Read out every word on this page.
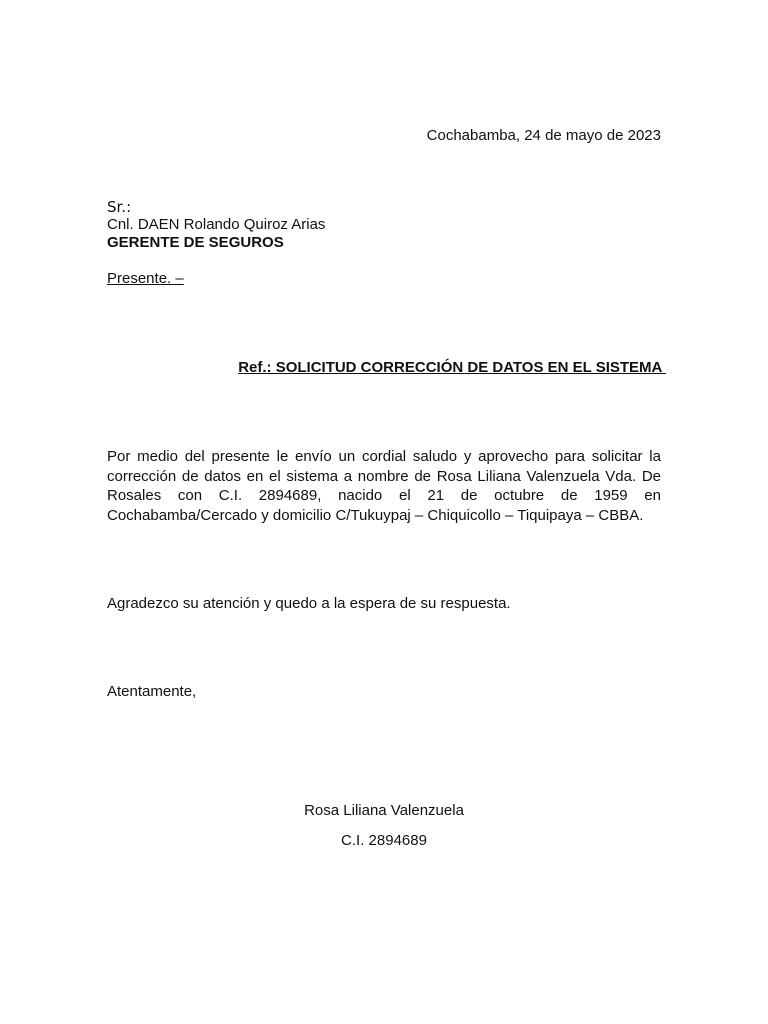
Cochabamba, 24 de mayo de 2023
Sr.:
Cnl. DAEN Rolando Quiroz Arias
GERENTE DE SEGUROS
Presente. –
Ref.: SOLICITUD CORRECCIÓN DE DATOS EN EL SISTEMA
Por medio del presente le envío un cordial saludo y aprovecho para solicitar la corrección de datos en el sistema a nombre de Rosa Liliana Valenzuela Vda. De Rosales con C.I. 2894689, nacido el 21 de octubre de 1959 en Cochabamba/Cercado y domicilio C/Tukuypaj – Chiquicollo – Tiquipaya – CBBA.
Agradezco su atención y quedo a la espera de su respuesta.
Atentamente,
Rosa Liliana Valenzuela
C.I. 2894689
